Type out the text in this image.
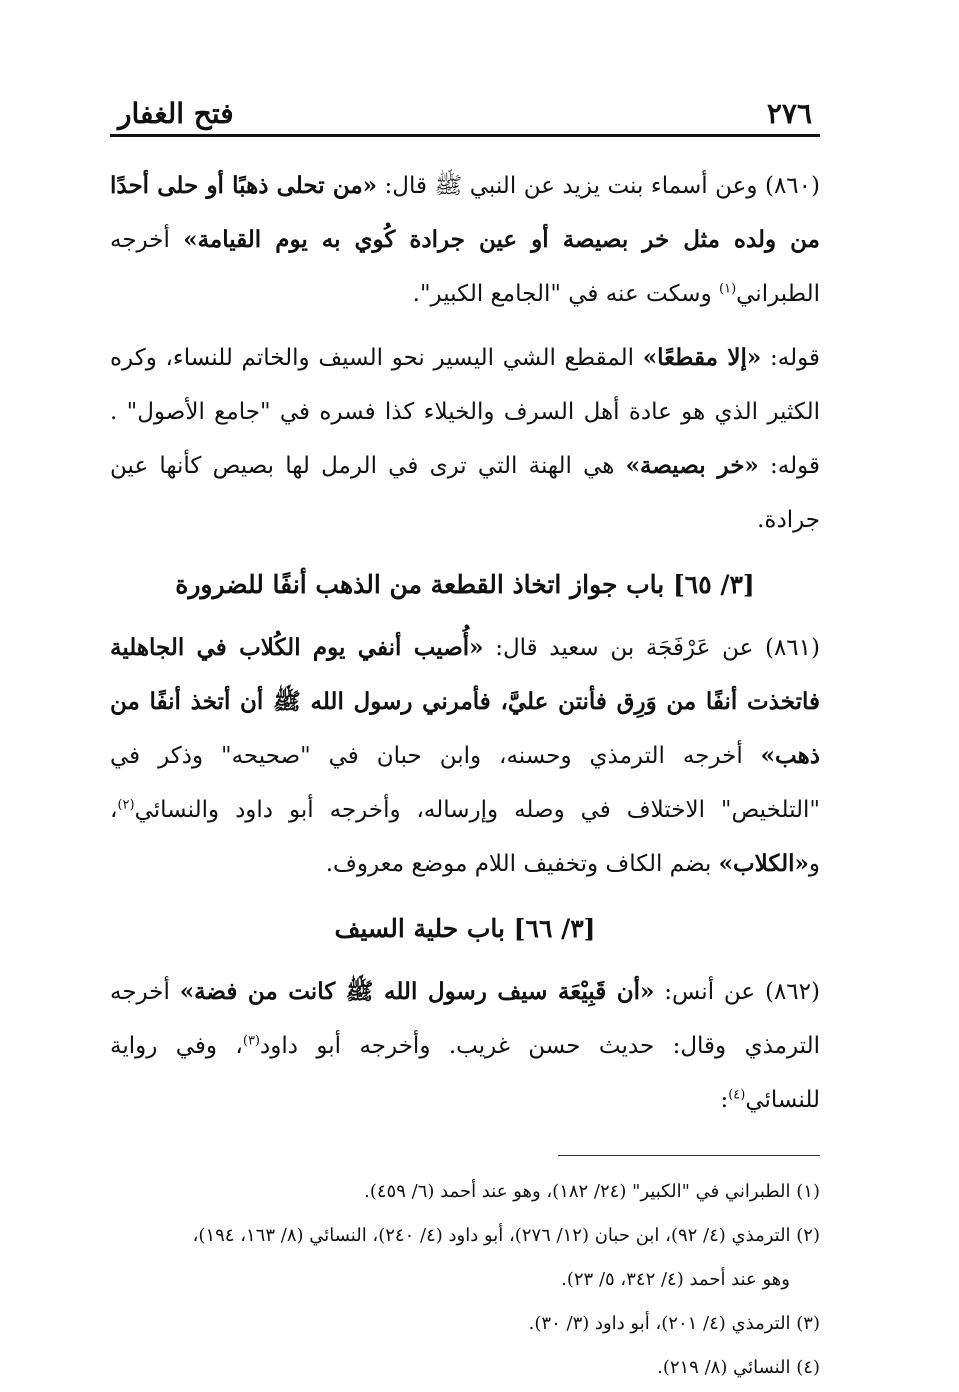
٢٧٦
فتح الغفار

(٨٦٠) وعن أسماء بنت يزيد عن النبي ﷺ قال: «من تحلى ذهبًا أو حلى أحدًا من ولده مثل خر بصيصة أو عين جرادة كُوي به يوم القيامة» أخرجه الطبراني$^{(١)}$ وسكت عنه في "الجامع الكبير".

قوله: «إلا مقطعًا» المقطع الشي اليسير نحو السيف والخاتم للنساء، وكره الكثير الذي هو عادة أهل السرف والخيلاء كذا فسره في "جامع الأصول" . قوله: «خر بصيصة» هي الهنة التي ترى في الرمل لها بصيص كأنها عين جرادة.

[٣/ ٦٥] باب جواز اتخاذ القطعة من الذهب أنفًا للضرورة

(٨٦١) عن عَرْفَجَة بن سعيد قال: «أُصيب أنفي يوم الكُلاب في الجاهلية فاتخذت أنفًا من وَرِق فأنتن عليَّ، فأمرني رسول الله ﷺ أن أتخذ أنفًا من ذهب» أخرجه الترمذي وحسنه، وابن حبان في "صحيحه" وذكر في "التلخيص" الاختلاف في وصله وإرساله، وأخرجه أبو داود والنسائي$^{(٢)}$، و«الكلاب» بضم الكاف وتخفيف اللام موضع معروف.

[٣/ ٦٦] باب حلية السيف

(٨٦٢) عن أنس: «أن قَبِيْعَة سيف رسول الله ﷺ كانت من فضة» أخرجه الترمذي وقال: حديث حسن غريب. وأخرجه أبو داود$^{(٣)}$، وفي رواية للنسائي$^{(٤)}$:

(١) الطبراني في "الكبير" (٢٤/ ١٨٢)، وهو عند أحمد (٦/ ٤٥٩).

(٢) الترمذي (٤/ ٩٢)، ابن حبان (١٢/ ٢٧٦)، أبو داود (٤/ ٢٤٠)، النسائي (٨/ ١٦٣، ١٩٤)،

وهو عند أحمد (٤/ ٣٤٢، ٥/ ٢٣).

(٣) الترمذي (٤/ ٢٠١)، أبو داود (٣/ ٣٠).

(٤) النسائي (٨/ ٢١٩).
